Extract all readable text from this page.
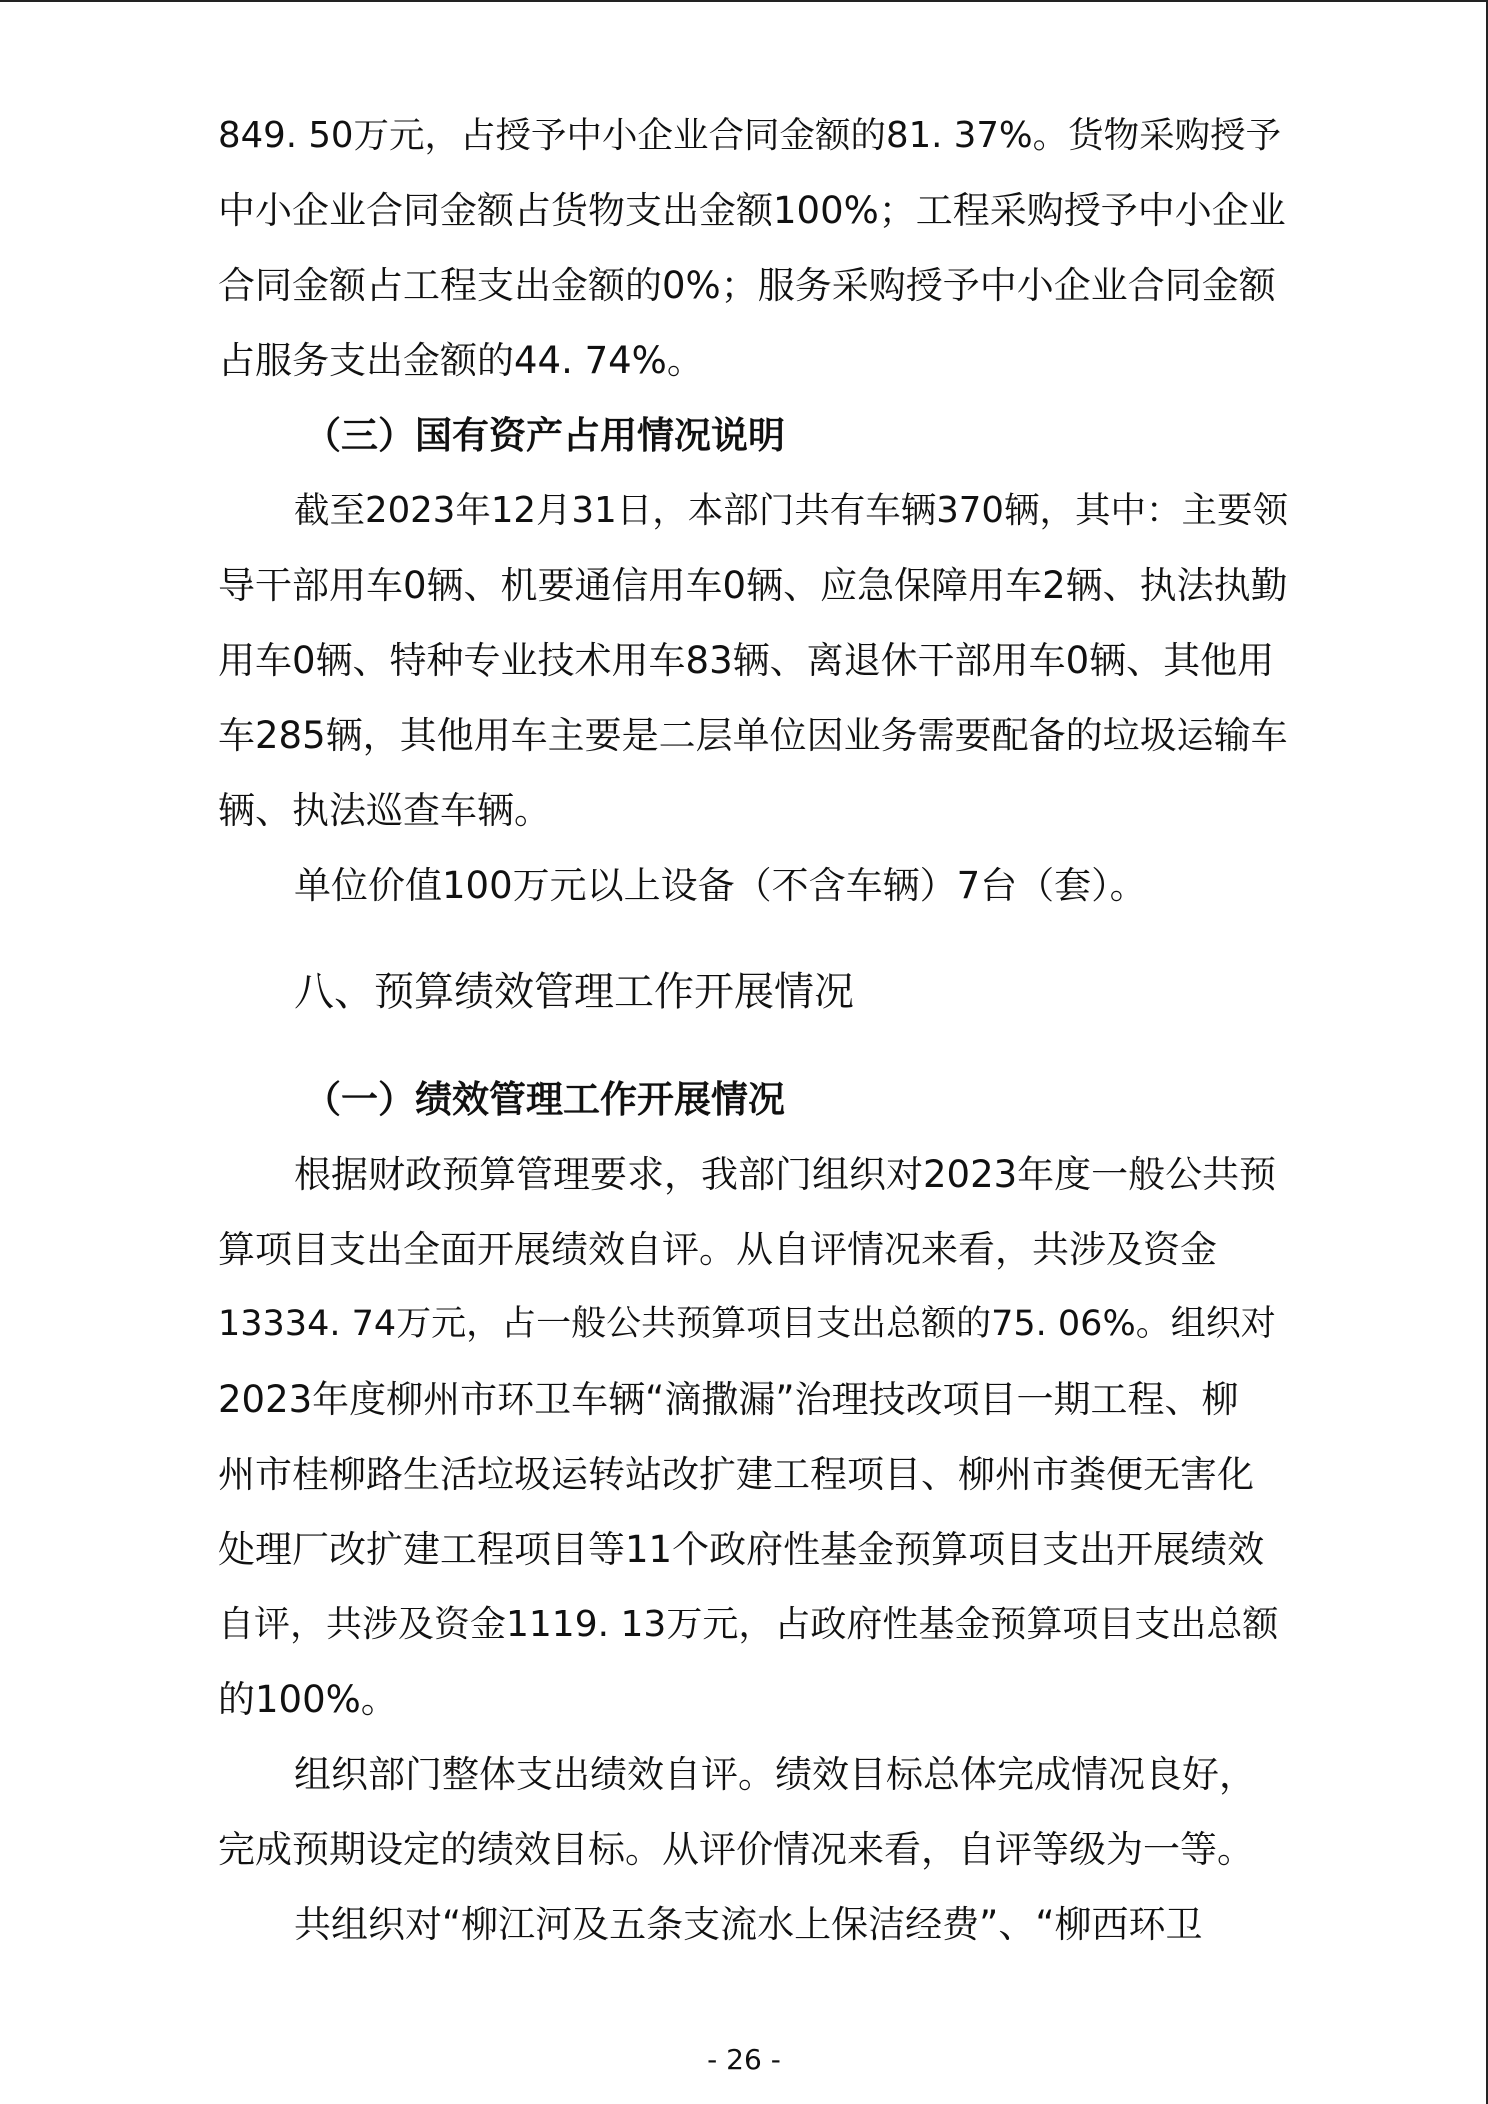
849. 50万元，占授予中小企业合同金额的81. 37%。货物采购授予
中小企业合同金额占货物支出金额100%；工程采购授予中小企业
合同金额占工程支出金额的0%；服务采购授予中小企业合同金额
占服务支出金额的44. 74%。
（三）国有资产占用情况说明
截至2023年12月31日，本部门共有车辆370辆，其中：主要领
导干部用车0辆、机要通信用车0辆、应急保障用车2辆、执法执勤
用车0辆、特种专业技术用车83辆、离退休干部用车0辆、其他用
车285辆，其他用车主要是二层单位因业务需要配备的垃圾运输车
辆、执法巡查车辆。
单位价值100万元以上设备（不含车辆）7台（套）。
八、预算绩效管理工作开展情况
（一）绩效管理工作开展情况
根据财政预算管理要求，我部门组织对2023年度一般公共预
算项目支出全面开展绩效自评。从自评情况来看，共涉及资金
13334. 74万元，占一般公共预算项目支出总额的75. 06%。组织对
2023年度柳州市环卫车辆“滴撒漏”治理技改项目一期工程、柳
州市桂柳路生活垃圾运转站改扩建工程项目、柳州市粪便无害化
处理厂改扩建工程项目等11个政府性基金预算项目支出开展绩效
自评，共涉及资金1119. 13万元，占政府性基金预算项目支出总额
的100%。
组织部门整体支出绩效自评。绩效目标总体完成情况良好，
完成预期设定的绩效目标。从评价情况来看，自评等级为一等。
共组织对“柳江河及五条支流水上保洁经费”、“柳西环卫
- 26 -
